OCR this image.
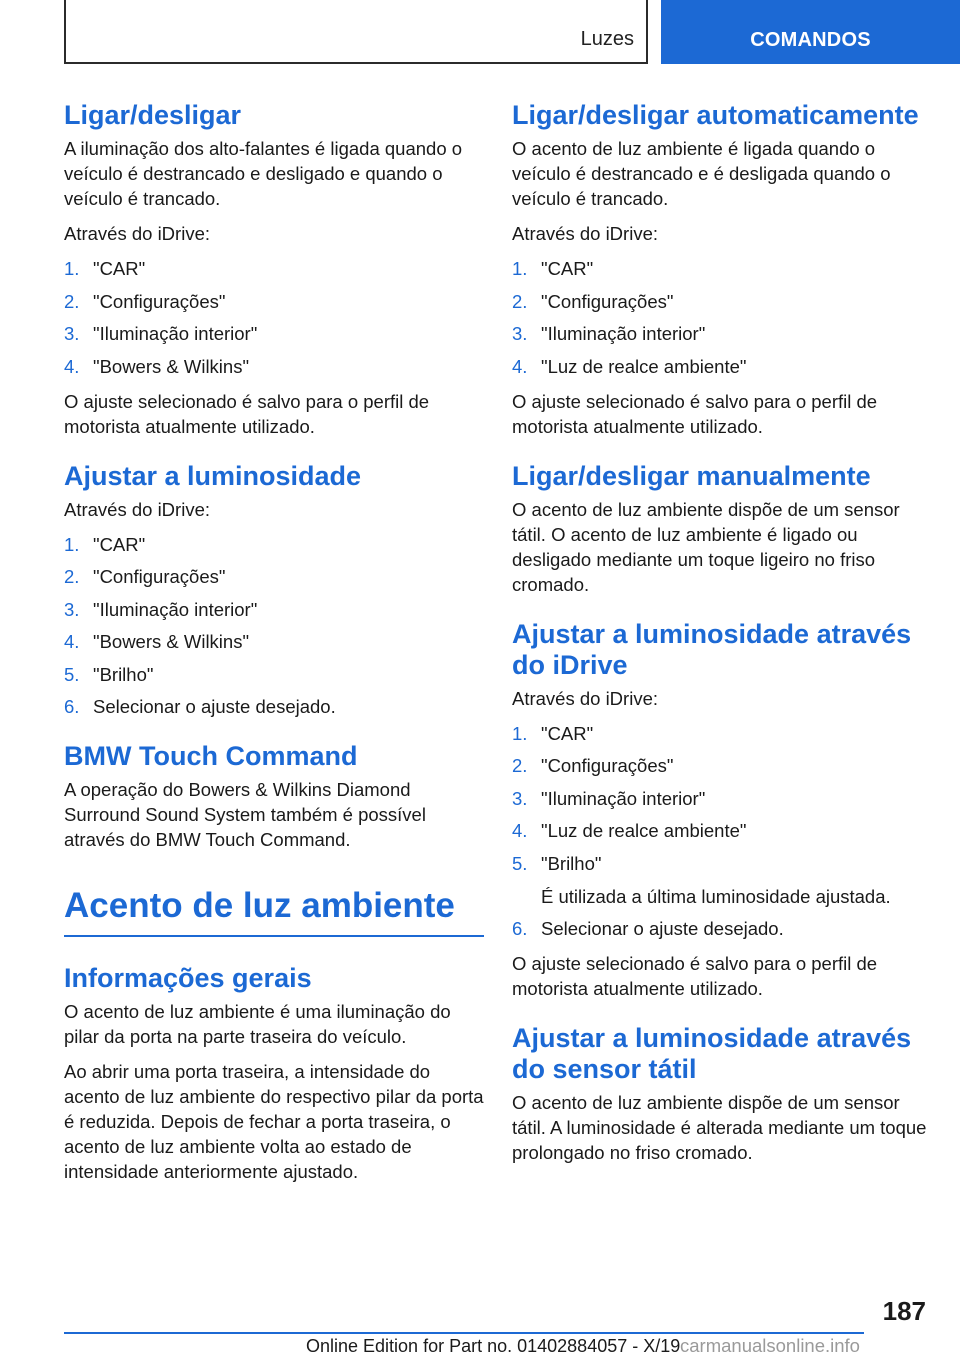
Luzes	COMANDOS
Ligar/desligar

A iluminação dos alto-falantes é ligada quando o veículo é destrancado e desligado e quando o veículo é trancado.

Através do iDrive:

1. "CAR"
2. "Configurações"
3. "Iluminação interior"
4. "Bowers & Wilkins"

O ajuste selecionado é salvo para o perfil de motorista atualmente utilizado.

Ajustar a luminosidade

Através do iDrive:

1. "CAR"
2. "Configurações"
3. "Iluminação interior"
4. "Bowers & Wilkins"
5. "Brilho"
6. Selecionar o ajuste desejado.
BMW Touch Command

A operação do Bowers & Wilkins Diamond Surround Sound System também é possível através do BMW Touch Command.

Acento de luz ambiente
Informações gerais

O acento de luz ambiente é uma iluminação do pilar da porta na parte traseira do veículo.

Ao abrir uma porta traseira, a intensidade do acento de luz ambiente do respectivo pilar da porta é reduzida. Depois de fechar a porta traseira, o acento de luz ambiente volta ao estado de intensidade anteriormente ajustado.

Ligar/desligar automaticamente

O acento de luz ambiente é ligada quando o veículo é destrancado e é desligada quando o veículo é trancado.

Através do iDrive:

1. "CAR"
2. "Configurações"
3. "Iluminação interior"
4. "Luz de realce ambiente"

O ajuste selecionado é salvo para o perfil de motorista atualmente utilizado.

Ligar/desligar manualmente

O acento de luz ambiente dispõe de um sensor tátil. O acento de luz ambiente é ligado ou desligado mediante um toque ligeiro no friso cromado.

Ajustar a luminosidade através do iDrive

Através do iDrive:

1. "CAR"
2. "Configurações"
3. "Iluminação interior"
4. "Luz de realce ambiente"
5. "Brilho"
É utilizada a última luminosidade ajustada.
6. Selecionar o ajuste desejado.

O ajuste selecionado é salvo para o perfil de motorista atualmente utilizado.

Ajustar a luminosidade através do sensor tátil

O acento de luz ambiente dispõe de um sensor tátil. A luminosidade é alterada mediante um toque prolongado no friso cromado.

187
Online Edition for Part no. 01402884057 - X/19 carmanualsonline.info
